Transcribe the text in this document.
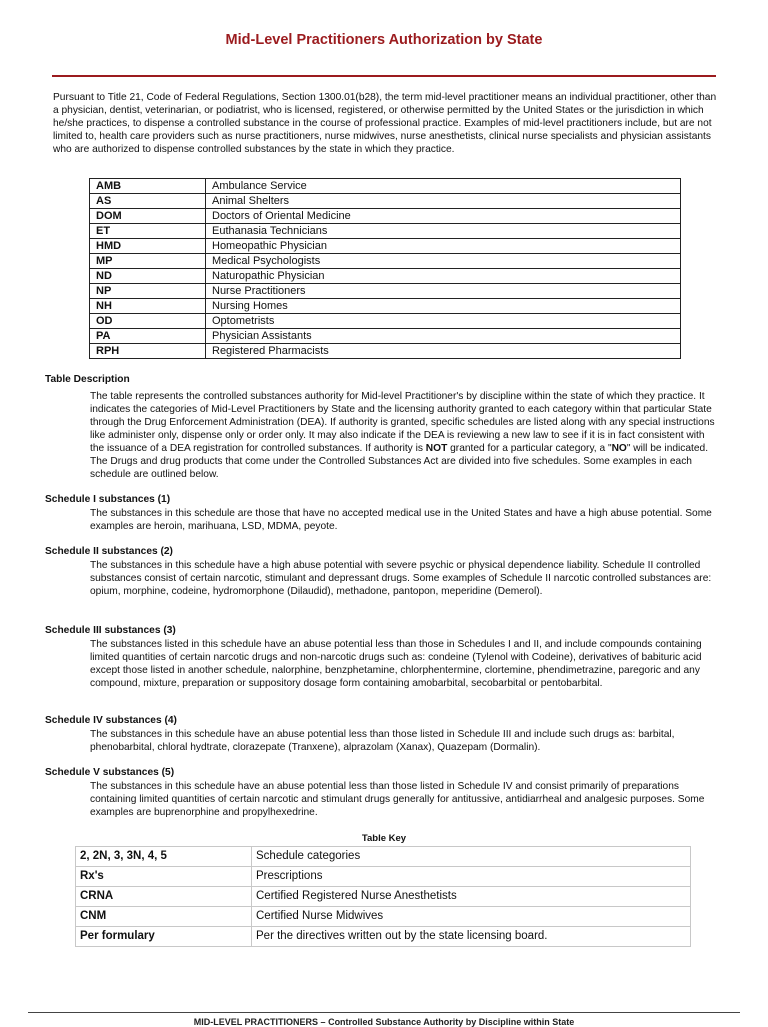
Mid-Level Practitioners Authorization by State

Pursuant to Title 21, Code of Federal Regulations, Section 1300.01(b28), the term mid-level practitioner means an individual practitioner, other than a physician, dentist, veterinarian, or podiatrist, who is licensed, registered, or otherwise permitted by the United States or the jurisdiction in which he/she practices, to dispense a controlled substance in the course of professional practice. Examples of mid-level practitioners include, but are not limited to, health care providers such as nurse practitioners, nurse midwives, nurse anesthetists, clinical nurse specialists and physician assistants who are authorized to dispense controlled substances by the state in which they practice.

AMB	Ambulance Service
AS	Animal Shelters
DOM	Doctors of Oriental Medicine
ET	Euthanasia Technicians
HMD	Homeopathic Physician
MP	Medical Psychologists
ND	Naturopathic Physician
NP	Nurse Practitioners
NH	Nursing Homes
OD	Optometrists
PA	Physician Assistants
RPH	Registered Pharmacists

Table Description

The table represents the controlled substances authority for Mid-level Practitioner's by discipline within the state of which they practice. It indicates the categories of Mid-Level Practitioners by State and the licensing authority granted to each category within that particular State through the Drug Enforcement Administration (DEA). If authority is granted, specific schedules are listed along with any special instructions like administer only, dispense only or order only. It may also indicate if the DEA is reviewing a new law to see if it is in fact consistent with the issuance of a DEA registration for controlled substances. If authority is NOT granted for a particular category, a "NO" will be indicated. The Drugs and drug products that come under the Controlled Substances Act are divided into five schedules. Some examples in each schedule are outlined below.

Schedule I substances (1)

The substances in this schedule are those that have no accepted medical use in the United States and have a high abuse potential. Some examples are heroin, marihuana, LSD, MDMA, peyote.

Schedule II substances (2)

The substances in this schedule have a high abuse potential with severe psychic or physical dependence liability. Schedule II controlled substances consist of certain narcotic, stimulant and depressant drugs. Some examples of Schedule II narcotic controlled substances are: opium, morphine, codeine, hydromorphone (Dilaudid), methadone, pantopon, meperidine (Demerol).

Schedule III substances (3)

The substances listed in this schedule have an abuse potential less than those in Schedules I and II, and include compounds containing limited quantities of certain narcotic drugs and non-narcotic drugs such as: condeine (Tylenol with Codeine), derivatives of babituric acid except those listed in another schedule, nalorphine, benzphetamine, chlorphentermine, clortemine, phendimetrazine, paregoric and any compound, mixture, preparation or suppository dosage form containing amobarbital, secobarbital or pentobarbital.

Schedule IV substances (4)

The substances in this schedule have an abuse potential less than those listed in Schedule III and include such drugs as: barbital, phenobarbital, chloral hydtrate, clorazepate (Tranxene), alprazolam (Xanax), Quazepam (Dormalin).

Schedule V substances (5)

The substances in this schedule have an abuse potential less than those listed in Schedule IV and consist primarily of preparations containing limited quantities of certain narcotic and stimulant drugs generally for antitussive, antidiarrheal and analgesic purposes. Some examples are buprenorphine and propylhexedrine.

Table Key
2, 2N, 3, 3N, 4, 5	Schedule categories
Rx's	Prescriptions
CRNA	Certified Registered Nurse Anesthetists
CNM	Certified Nurse Midwives
Per formulary	Per the directives written out by the state licensing board.
MID-LEVEL PRACTITIONERS – Controlled Substance Authority by Discipline within State
